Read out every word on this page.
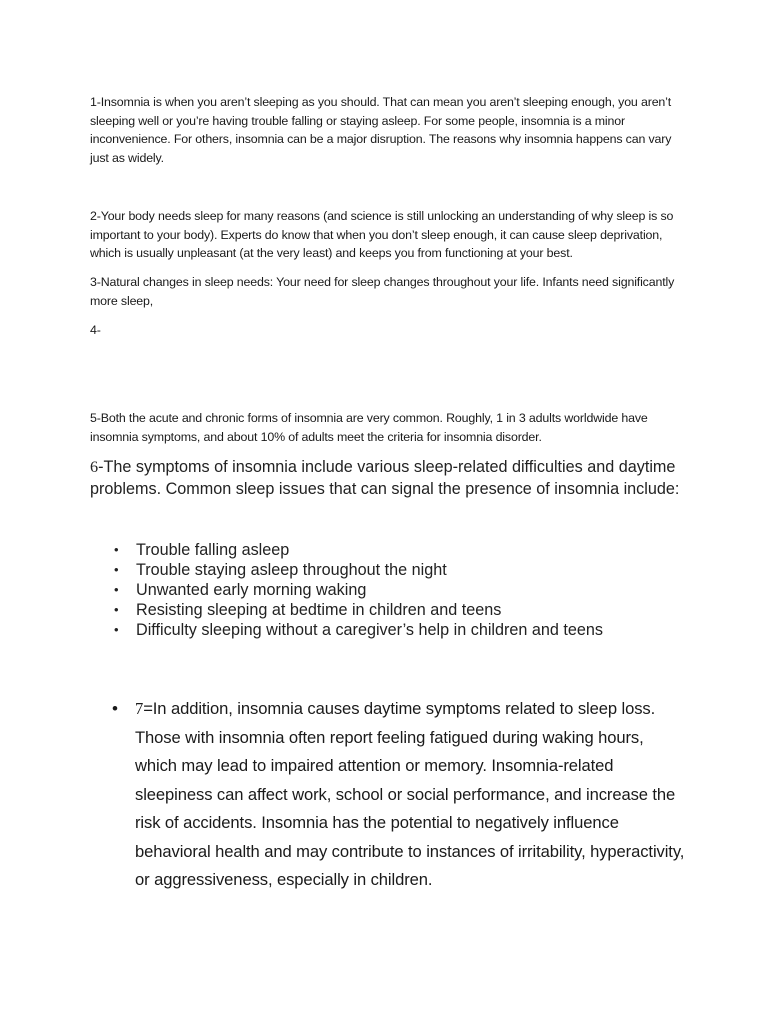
1-Insomnia is when you aren’t sleeping as you should. That can mean you aren’t sleeping enough, you aren’t sleeping well or you’re having trouble falling or staying asleep. For some people, insomnia is a minor inconvenience. For others, insomnia can be a major disruption. The reasons why insomnia happens can vary just as widely.

2-Your body needs sleep for many reasons (and science is still unlocking an understanding of why sleep is so important to your body). Experts do know that when you don’t sleep enough, it can cause sleep deprivation, which is usually unpleasant (at the very least) and keeps you from functioning at your best.

3-Natural changes in sleep needs: Your need for sleep changes throughout your life. Infants need significantly more sleep,

4-

5-Both the acute and chronic forms of insomnia are very common. Roughly, 1 in 3 adults worldwide have insomnia symptoms, and about 10% of adults meet the criteria for insomnia disorder.

6-The symptoms of insomnia include various sleep-related difficulties and daytime problems. Common sleep issues that can signal the presence of insomnia include:

• Trouble falling asleep
• Trouble staying asleep throughout the night
• Unwanted early morning waking
• Resisting sleeping at bedtime in children and teens
• Difficulty sleeping without a caregiver’s help in children and teens
• 7=In addition, insomnia causes daytime symptoms related to sleep loss. Those with insomnia often report feeling fatigued during waking hours, which may lead to impaired attention or memory. Insomnia-related sleepiness can affect work, school or social performance, and increase the risk of accidents. Insomnia has the potential to negatively influence behavioral health and may contribute to instances of irritability, hyperactivity, or aggressiveness, especially in children.
